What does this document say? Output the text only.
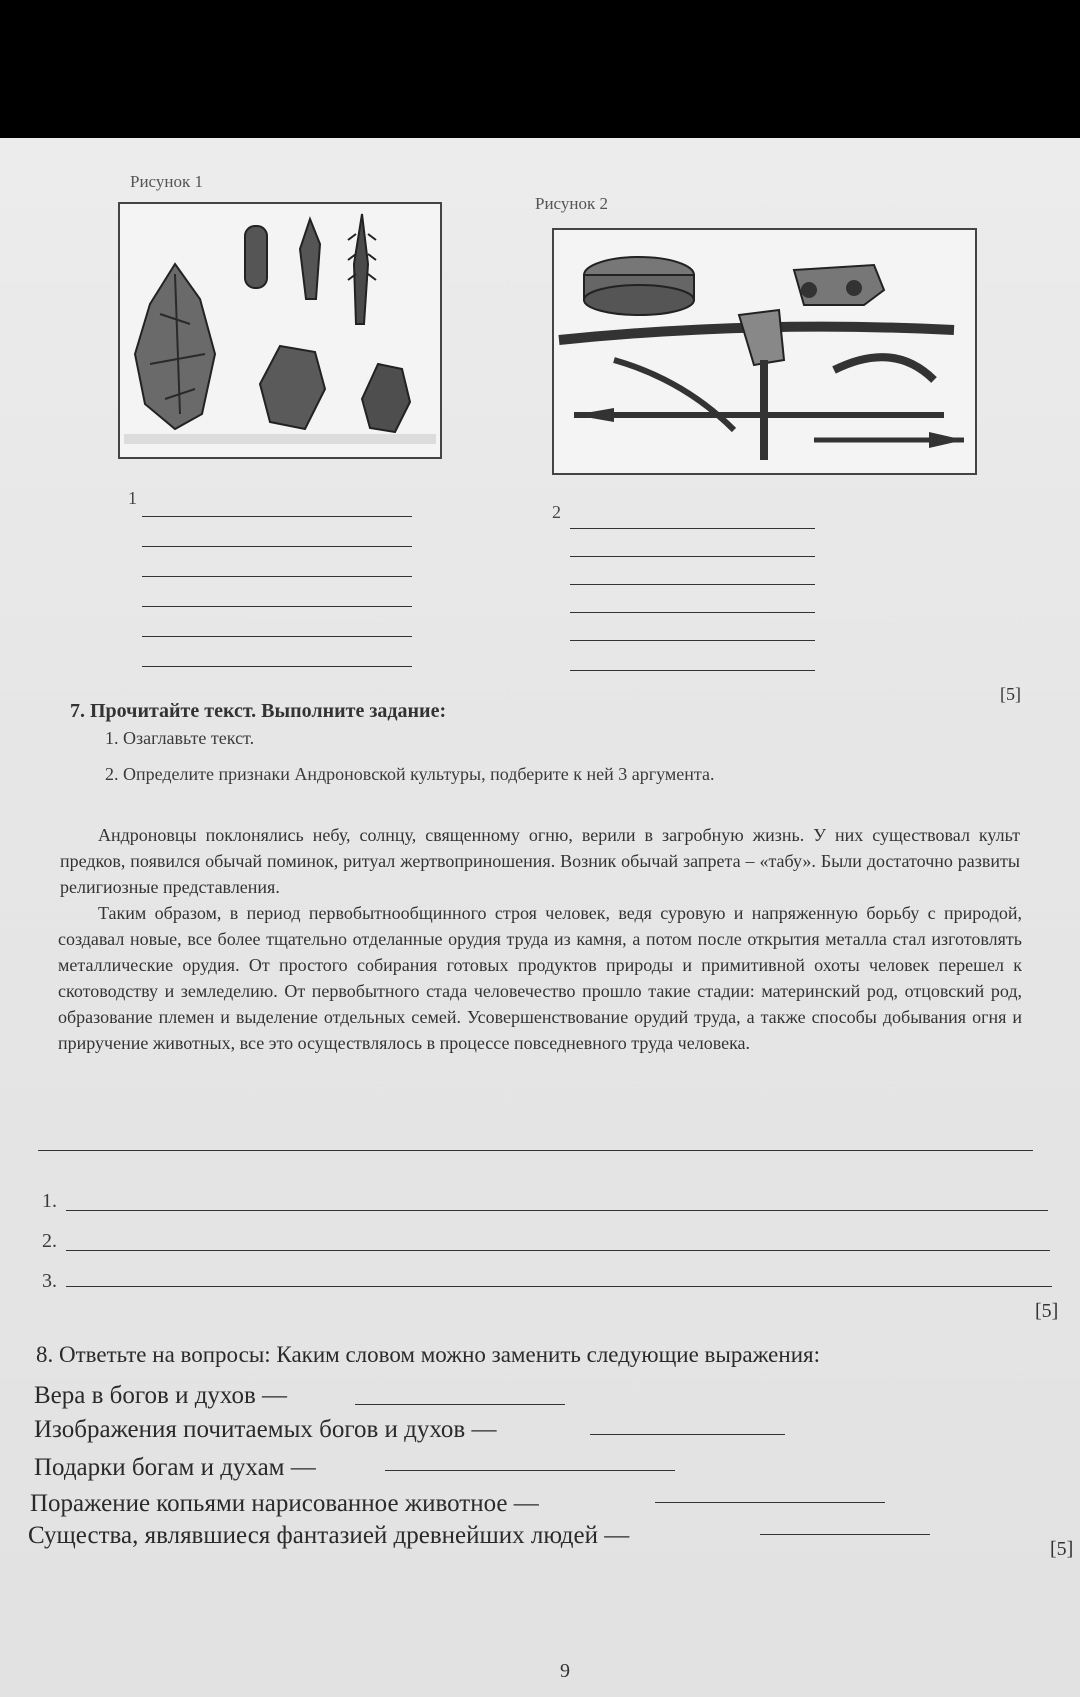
Рисунок 1
Рисунок 2
1
2
[5]
7. Прочитайте текст. Выполните задание:
1. Озаглавьте текст.
2. Определите признаки Андроновской культуры, подберите к ней 3 аргумента.

Андроновцы поклонялись небу, солнцу, священному огню, верили в загробную жизнь. У них существовал культ предков, появился обычай поминок, ритуал жертвоприношения. Возник обычай запрета – «табу». Были достаточно развиты религиозные представления.

Таким образом, в период первобытнообщинного строя человек, ведя суровую и напряженную борьбу с природой, создавал новые, все более тщательно отделанные орудия труда из камня, а потом после открытия металла стал изготовлять металлические орудия. От простого собирания готовых продуктов природы и примитивной охоты человек перешел к скотоводству и земледелию. От первобытного стада человечество прошло такие стадии: материнский род, отцовский род, образование племен и выделение отдельных семей. Усовершенствование орудий труда, а также способы добывания огня и приручение животных, все это осуществлялось в процессе повседневного труда человека.

1.
2.
3.
[5]
8. Ответьте на вопросы: Каким словом можно заменить следующие выражения:
Вера в богов и духов —
Изображения почитаемых богов и духов —
Подарки богам и духам —
Поражение копьями нарисованное животное —
Существа, являвшиеся фантазией древнейших людей —	[5]
9
